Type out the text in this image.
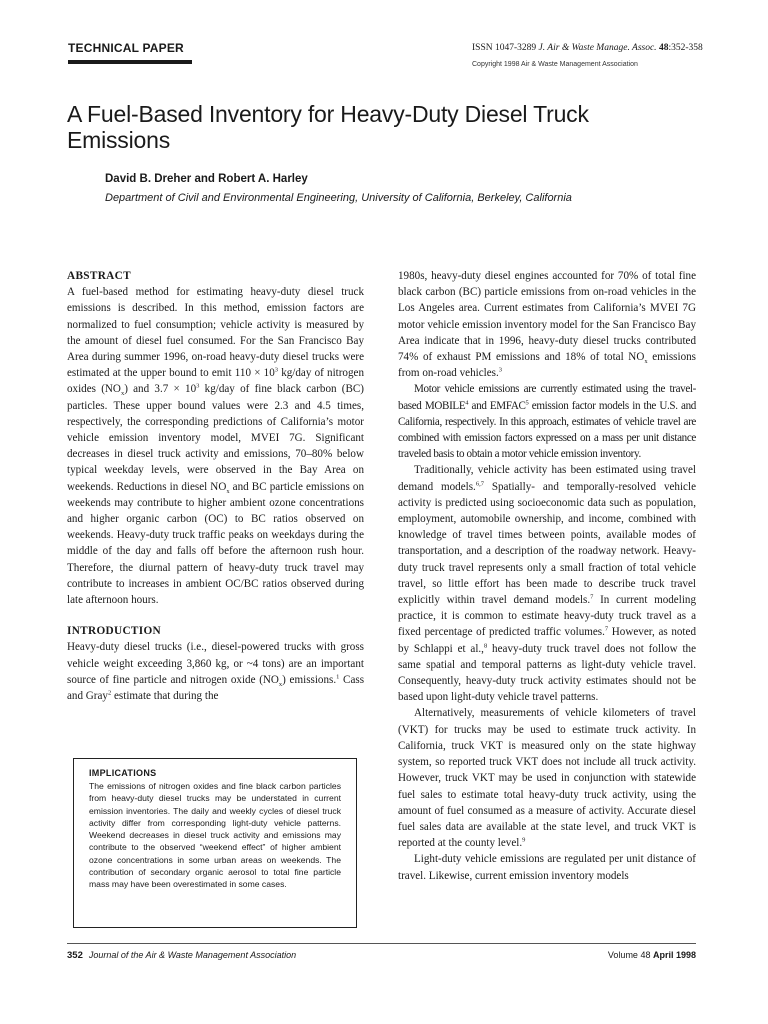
TECHNICAL PAPER	ISSN 1047-3289 J. Air & Waste Manage. Assoc. 48:352-358
Copyright 1998 Air & Waste Management Association
A Fuel-Based Inventory for Heavy-Duty Diesel Truck Emissions
David B. Dreher and Robert A. Harley
Department of Civil and Environmental Engineering, University of California, Berkeley, California
ABSTRACT

A fuel-based method for estimating heavy-duty diesel truck emissions is described. In this method, emission factors are normalized to fuel consumption; vehicle activity is measured by the amount of diesel fuel consumed. For the San Francisco Bay Area during summer 1996, on-road heavy-duty diesel trucks were estimated at the upper bound to emit $110 \times 10^3$ kg/day of nitrogen oxides $(NO_x)$ and $3.7 \times 10^3$ kg/day of fine black carbon (BC) particles. These upper bound values were 2.3 and 4.5 times, respectively, the corresponding predictions of California’s motor vehicle emission inventory model, MVEI 7G. Significant decreases in diesel truck activity and emissions, 70–80% below typical weekday levels, were observed in the Bay Area on weekends. Reductions in diesel $NO_x$ and BC particle emissions on weekends may contribute to higher ambient ozone concentrations and higher organic carbon (OC) to BC ratios observed on weekends. Heavy-duty truck traffic peaks on weekdays during the middle of the day and falls off before the afternoon rush hour. Therefore, the diurnal pattern of heavy-duty truck travel may contribute to increases in ambient OC/BC ratios observed during late afternoon hours.

INTRODUCTION

Heavy-duty diesel trucks (i.e., diesel-powered trucks with gross vehicle weight exceeding 3,860 kg, or ~4 tons) are an important source of fine particle and nitrogen oxide $(NO_x)$ emissions.$^1$ Cass and Gray$^2$ estimate that during the

IMPLICATIONS
The emissions of nitrogen oxides and fine black carbon particles from heavy-duty diesel trucks may be understated in current emission inventories. The daily and weekly cycles of diesel truck activity differ from corresponding light-duty vehicle patterns. Weekend decreases in diesel truck activity and emissions may contribute to the observed “weekend effect” of higher ambient ozone concentrations in some urban areas on weekends. The contribution of secondary organic aerosol to total fine particle mass may have been overestimated in some cases.

1980s, heavy-duty diesel engines accounted for 70% of total fine black carbon (BC) particle emissions from on-road vehicles in the Los Angeles area. Current estimates from California’s MVEI 7G motor vehicle emission inventory model for the San Francisco Bay Area indicate that in 1996, heavy-duty diesel trucks contributed 74% of exhaust PM emissions and 18% of total $NO_x$ emissions from on-road vehicles.$^3$

Motor vehicle emissions are currently estimated using the travel-based MOBILE$^4$ and EMFAC$^5$ emission factor models in the U.S. and California, respectively. In this approach, estimates of vehicle travel are combined with emission factors expressed on a mass per unit distance traveled basis to obtain a motor vehicle emission inventory.

Traditionally, vehicle activity has been estimated using travel demand models.$^{6,7}$ Spatially- and temporally-resolved vehicle activity is predicted using socioeconomic data such as population, employment, automobile ownership, and income, combined with knowledge of travel times between points, available modes of transportation, and a description of the roadway network. Heavy-duty truck travel represents only a small fraction of total vehicle travel, so little effort has been made to describe truck travel explicitly within travel demand models.$^7$ In current modeling practice, it is common to estimate heavy-duty truck travel as a fixed percentage of predicted traffic volumes.$^7$ However, as noted by Schlappi et al.,$^8$ heavy-duty truck travel does not follow the same spatial and temporal patterns as light-duty vehicle travel. Consequently, heavy-duty truck activity estimates should not be based upon light-duty vehicle travel patterns.

Alternatively, measurements of vehicle kilometers of travel (VKT) for trucks may be used to estimate truck activity. In California, truck VKT is measured only on the state highway system, so reported truck VKT does not include all truck activity. However, truck VKT may be used in conjunction with statewide fuel sales to estimate total heavy-duty truck activity, using the amount of fuel consumed as a measure of activity. Accurate diesel fuel sales data are available at the state level, and truck VKT is reported at the county level.$^9$

Light-duty vehicle emissions are regulated per unit distance of travel. Likewise, current emission inventory models

352 Journal of the Air & Waste Management Association	Volume 48 April 1998
